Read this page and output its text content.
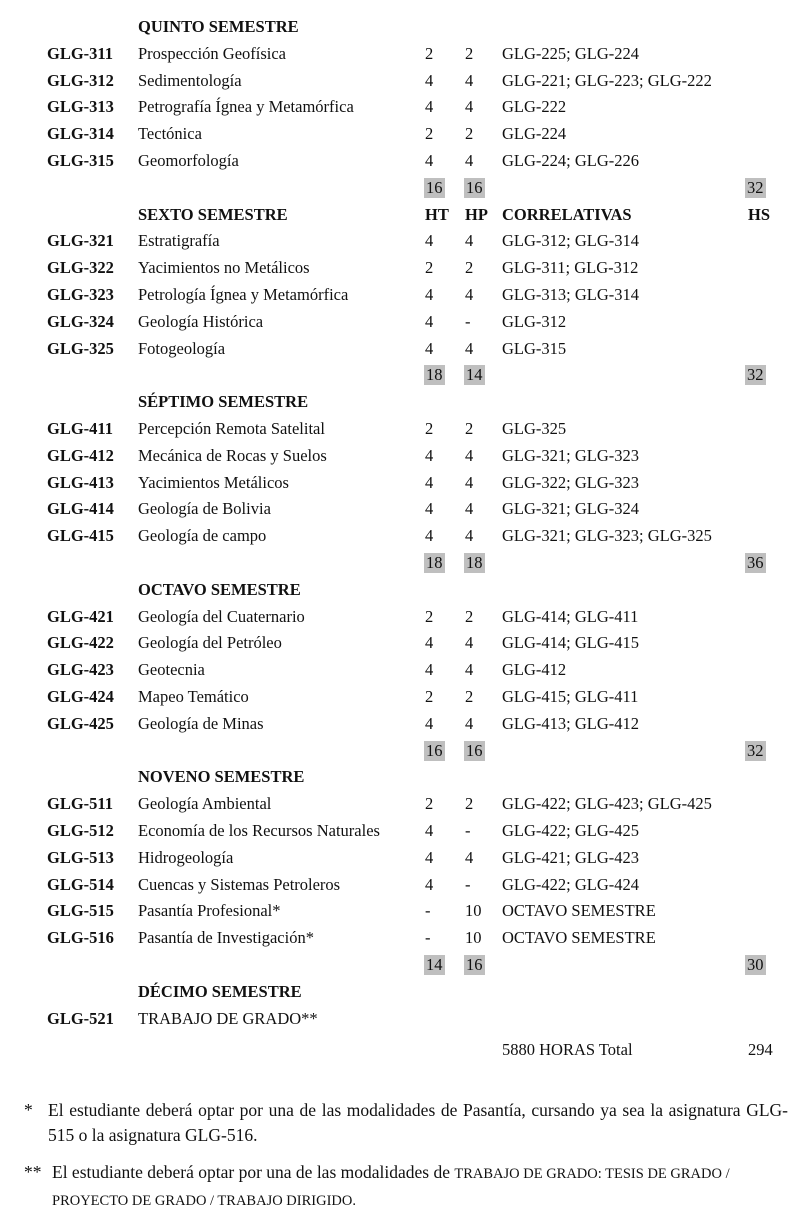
QUINTO SEMESTRE
GLG-311 Prospección Geofísica	2 2 GLG-225; GLG-224
GLG-312 Sedimentología	4 4 GLG-221; GLG-223; GLG-222
GLG-313 Petrografía Ígnea y Metamórfica	4 4 GLG-222
GLG-314 Tectónica	2 2 GLG-224
GLG-315 Geomorfología	4 4 GLG-224; GLG-226
16 16	32
SEXTO SEMESTRE	HT HP CORRELATIVAS	HS
GLG-321 Estratigrafía	4 4 GLG-312; GLG-314
GLG-322 Yacimientos no Metálicos	2 2 GLG-311; GLG-312
GLG-323 Petrología Ígnea y Metamórfica	4 4 GLG-313; GLG-314
GLG-324 Geología Histórica	4 - GLG-312
GLG-325 Fotogeología	4 4 GLG-315
18 14	32
SÉPTIMO SEMESTRE
GLG-411 Percepción Remota Satelital	2 2 GLG-325
GLG-412 Mecánica de Rocas y Suelos	4 4 GLG-321; GLG-323
GLG-413 Yacimientos Metálicos	4 4 GLG-322; GLG-323
GLG-414 Geología de Bolivia	4 4 GLG-321; GLG-324
GLG-415 Geología de campo	4 4 GLG-321; GLG-323; GLG-325
18 18	36
OCTAVO SEMESTRE
GLG-421 Geología del Cuaternario	2 2 GLG-414; GLG-411
GLG-422 Geología del Petróleo	4 4 GLG-414; GLG-415
GLG-423 Geotecnia	4 4 GLG-412
GLG-424 Mapeo Temático	2 2 GLG-415; GLG-411
GLG-425 Geología de Minas	4 4 GLG-413; GLG-412
16 16	32
NOVENO SEMESTRE
GLG-511 Geología Ambiental	2 2 GLG-422; GLG-423; GLG-425
GLG-512 Economía de los Recursos Naturales	4 - GLG-422; GLG-425
GLG-513 Hidrogeología	4 4 GLG-421; GLG-423
GLG-514 Cuencas y Sistemas Petroleros	4 - GLG-422; GLG-424
GLG-515 Pasantía Profesional*	- 10 OCTAVO SEMESTRE
GLG-516 Pasantía de Investigación*	- 10 OCTAVO SEMESTRE
14 16	30
DÉCIMO SEMESTRE
GLG-521 TRABAJO DE GRADO**
5880 HORAS Total	294
* El estudiante deberá optar por una de las modalidades de Pasantía, cursando ya sea la asignatura GLG-515 o la asignatura GLG-516.
** El estudiante deberá optar por una de las modalidades de TRABAJO DE GRADO: TESIS DE GRADO / PROYECTO DE GRADO / TRABAJO DIRIGIDO.
